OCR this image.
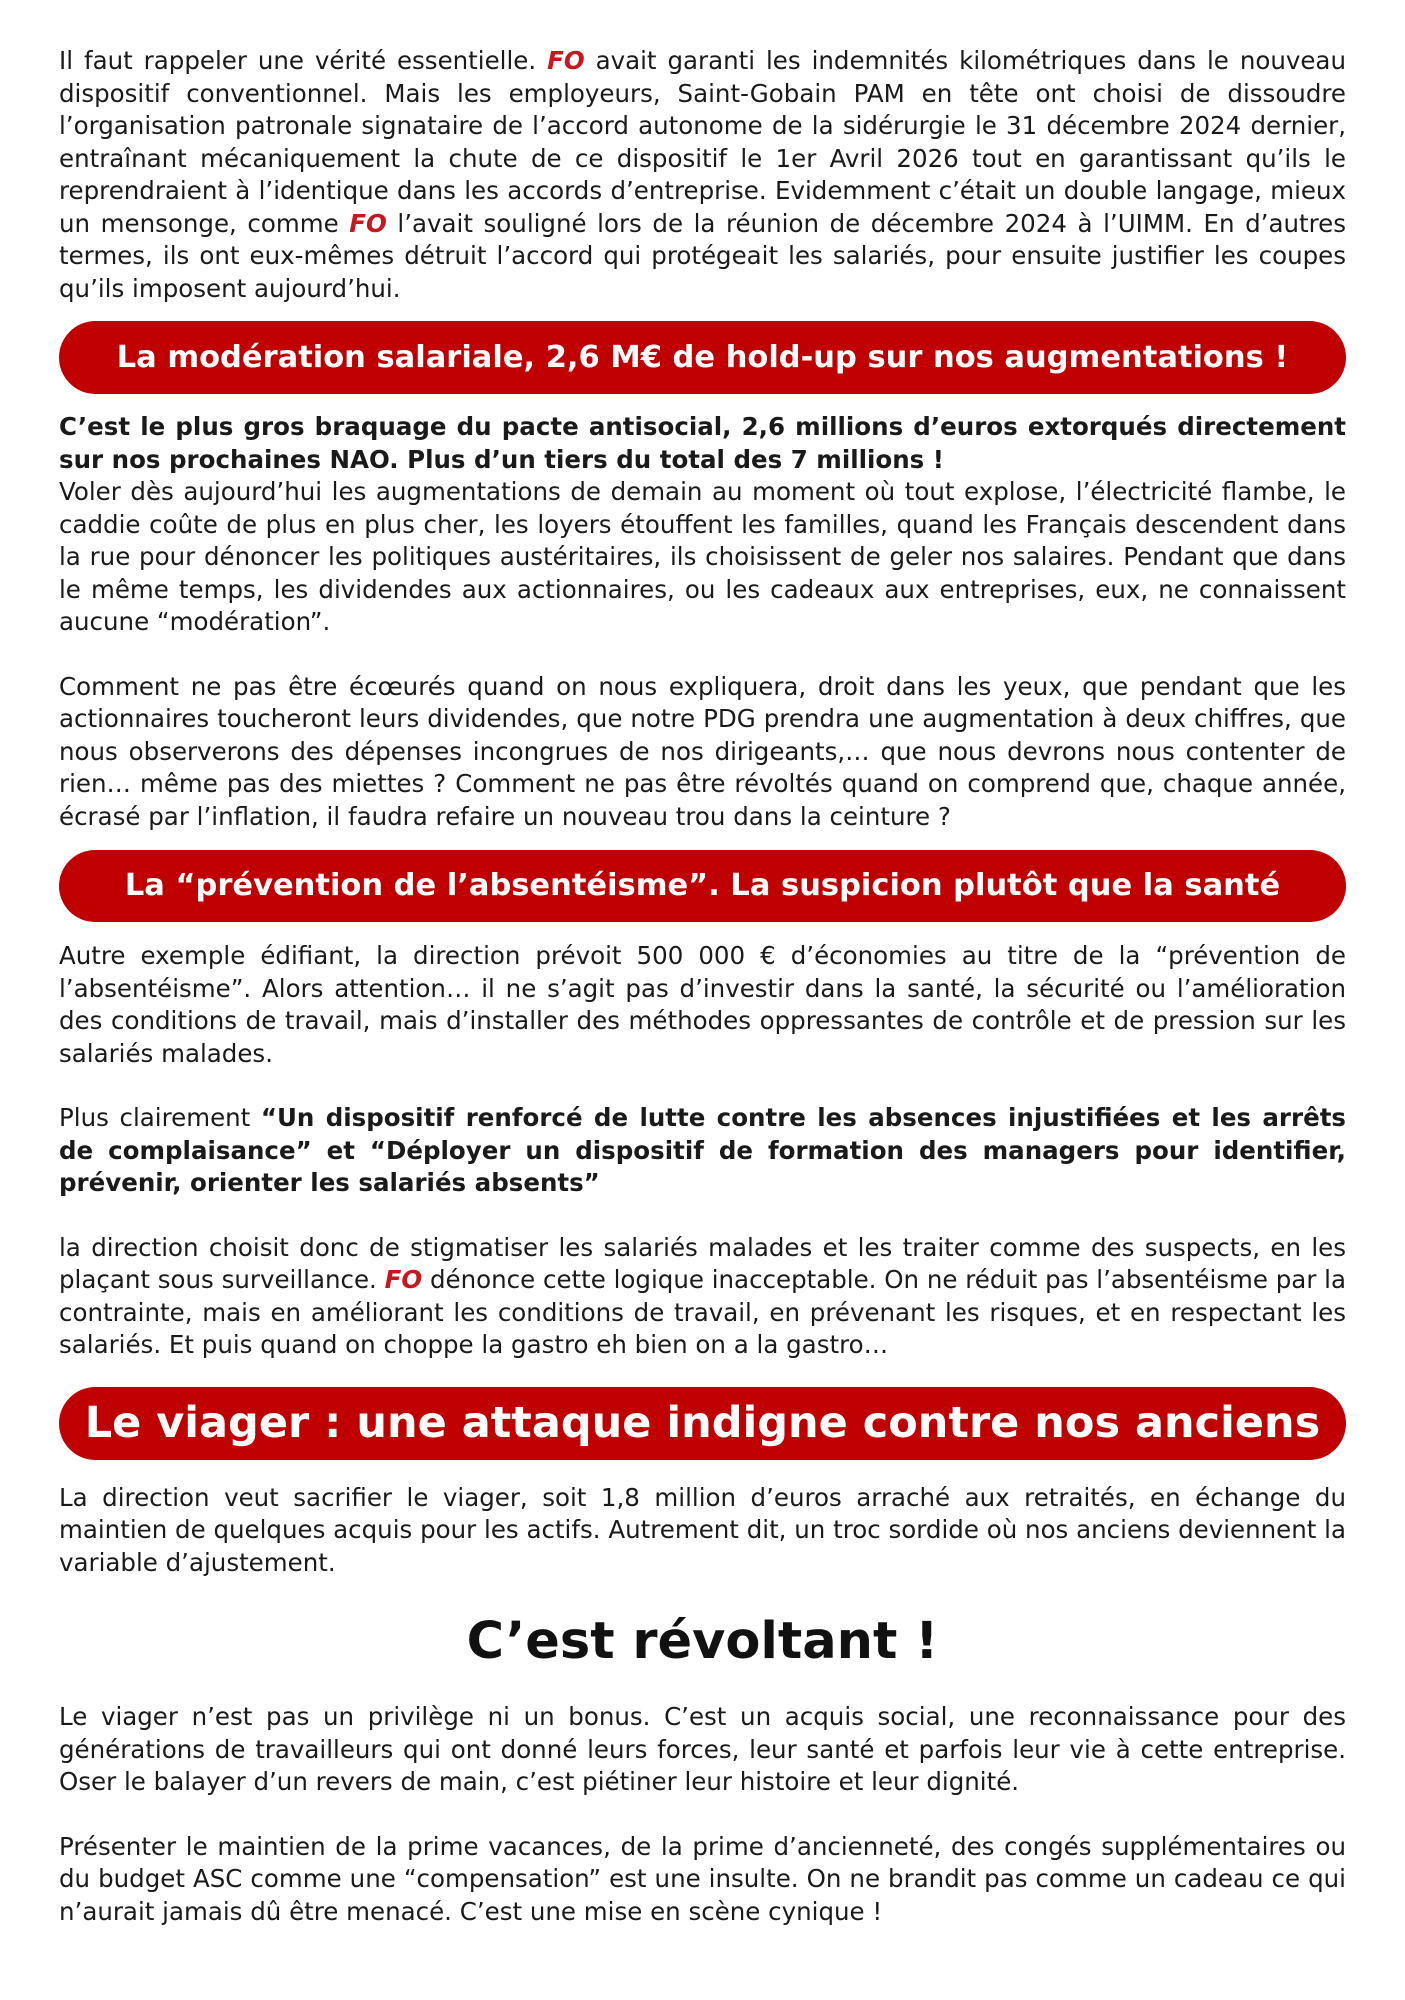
Il faut rappeler une vérité essentielle. FO avait garanti les indemnités kilométriques dans le nouveau dispositif conventionnel. Mais les employeurs, Saint-Gobain PAM en tête ont choisi de dissoudre l’organisation patronale signataire de l’accord autonome de la sidérurgie le 31 décembre 2024 dernier, entraînant mécaniquement la chute de ce dispositif le 1er Avril 2026 tout en garantissant qu’ils le reprendraient à l’identique dans les accords d’entreprise. Evidemment c’était un double langage, mieux un mensonge, comme FO l’avait souligné lors de la réunion de décembre 2024 à l’UIMM. En d’autres termes, ils ont eux-mêmes détruit l’accord qui protégeait les salariés, pour ensuite justifier les coupes qu’ils imposent aujourd’hui.

La modération salariale, 2,6 M€ de hold-up sur nos augmentations !

C’est le plus gros braquage du pacte antisocial, 2,6 millions d’euros extorqués directement sur nos prochaines NAO. Plus d’un tiers du total des 7 millions !

Voler dès aujourd’hui les augmentations de demain au moment où tout explose, l’électricité flambe, le caddie coûte de plus en plus cher, les loyers étouffent les familles, quand les Français descendent dans la rue pour dénoncer les politiques austéritaires, ils choisissent de geler nos salaires. Pendant que dans le même temps, les dividendes aux actionnaires, ou les cadeaux aux entreprises, eux, ne connaissent aucune “modération”.

Comment ne pas être écœurés quand on nous expliquera, droit dans les yeux, que pendant que les actionnaires toucheront leurs dividendes, que notre PDG prendra une augmentation à deux chiffres, que nous observerons des dépenses incongrues de nos dirigeants,… que nous devrons nous contenter de rien… même pas des miettes ? Comment ne pas être révoltés quand on comprend que, chaque année, écrasé par l’inflation, il faudra refaire un nouveau trou dans la ceinture ?

La “prévention de l’absentéisme”. La suspicion plutôt que la santé

Autre exemple édifiant, la direction prévoit 500 000 € d’économies au titre de la “prévention de l’absentéisme”. Alors attention… il ne s’agit pas d’investir dans la santé, la sécurité ou l’amélioration des conditions de travail, mais d’installer des méthodes oppressantes de contrôle et de pression sur les salariés malades.

Plus clairement “Un dispositif renforcé de lutte contre les absences injustifiées et les arrêts de complaisance” et “Déployer un dispositif de formation des managers pour identifier, prévenir, orienter les salariés absents”

la direction choisit donc de stigmatiser les salariés malades et les traiter comme des suspects, en les plaçant sous surveillance. FO dénonce cette logique inacceptable. On ne réduit pas l’absentéisme par la contrainte, mais en améliorant les conditions de travail, en prévenant les risques, et en respectant les salariés. Et puis quand on choppe la gastro eh bien on a la gastro…

Le viager : une attaque indigne contre nos anciens

La direction veut sacrifier le viager, soit 1,8 million d’euros arraché aux retraités, en échange du maintien de quelques acquis pour les actifs. Autrement dit, un troc sordide où nos anciens deviennent la variable d’ajustement.

C’est révoltant !

Le viager n’est pas un privilège ni un bonus. C’est un acquis social, une reconnaissance pour des générations de travailleurs qui ont donné leurs forces, leur santé et parfois leur vie à cette entreprise. Oser le balayer d’un revers de main, c’est piétiner leur histoire et leur dignité.

Présenter le maintien de la prime vacances, de la prime d’ancienneté, des congés supplémentaires ou du budget ASC comme une “compensation” est une insulte. On ne brandit pas comme un cadeau ce qui n’aurait jamais dû être menacé. C’est une mise en scène cynique !
